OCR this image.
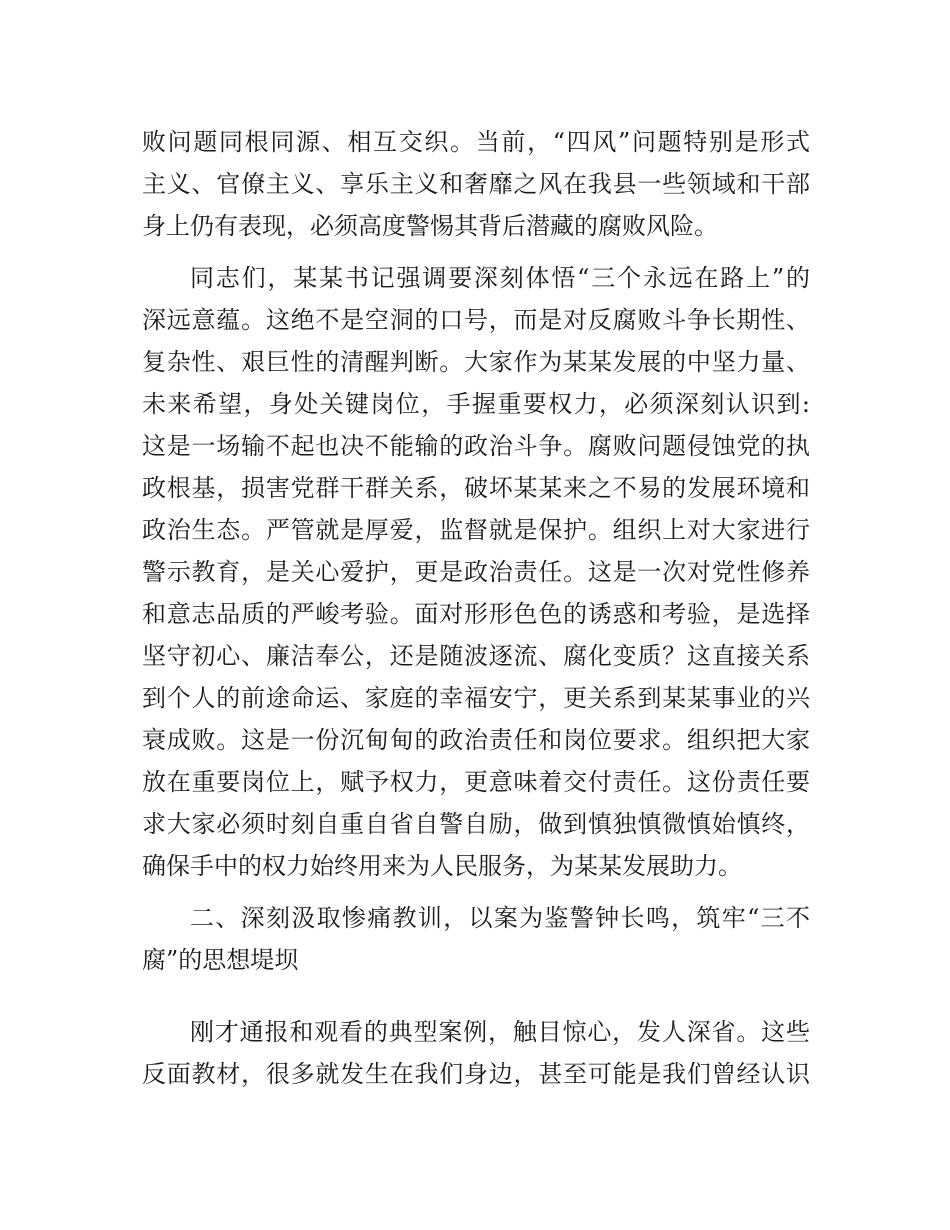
败问题同根同源、相互交织。当前，“四风”问题特别是形式
主义、官僚主义、享乐主义和奢靡之风在我县一些领域和干部
身上仍有表现，必须高度警惕其背后潜藏的腐败风险。
同志们，某某书记强调要深刻体悟“三个永远在路上”的
深远意蕴。这绝不是空洞的口号，而是对反腐败斗争长期性、
复杂性、艰巨性的清醒判断。大家作为某某发展的中坚力量、
未来希望，身处关键岗位，手握重要权力，必须深刻认识到:
这是一场输不起也决不能输的政治斗争。腐败问题侵蚀党的执
政根基，损害党群干群关系，破坏某某来之不易的发展环境和
政治生态。严管就是厚爱，监督就是保护。组织上对大家进行
警示教育，是关心爱护，更是政治责任。这是一次对党性修养
和意志品质的严峻考验。面对形形色色的诱惑和考验，是选择
坚守初心、廉洁奉公，还是随波逐流、腐化变质？这直接关系
到个人的前途命运、家庭的幸福安宁，更关系到某某事业的兴
衰成败。这是一份沉甸甸的政治责任和岗位要求。组织把大家
放在重要岗位上，赋予权力，更意味着交付责任。这份责任要
求大家必须时刻自重自省自警自励，做到慎独慎微慎始慎终，
确保手中的权力始终用来为人民服务，为某某发展助力。
二、深刻汲取惨痛教训，以案为鉴警钟长鸣，筑牢“三不
腐”的思想堤坝
刚才通报和观看的典型案例，触目惊心，发人深省。这些
反面教材，很多就发生在我们身边，甚至可能是我们曾经认识
